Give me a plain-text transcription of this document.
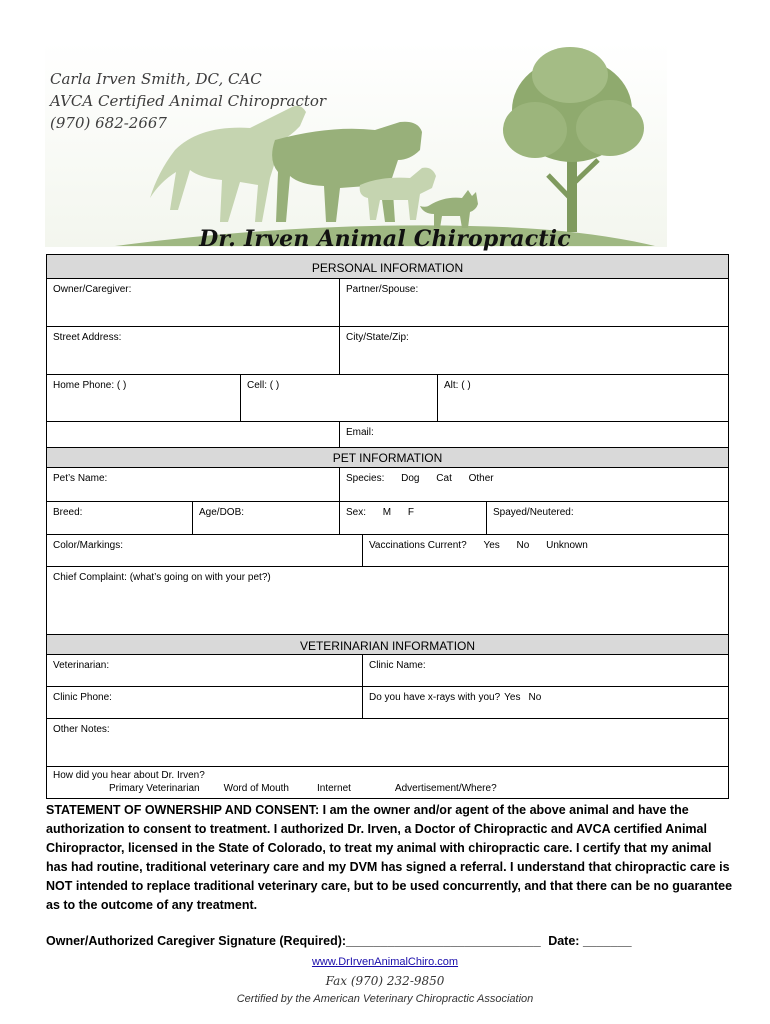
Carla Irven Smith, DC, CAC
AVCA Certified Animal Chiropractor
(970) 682-2667
Dr. Irven Animal Chiropractic
PERSONAL INFORMATION
Owner/Caregiver:	Partner/Spouse:
Street Address:	City/State/Zip:
Home Phone: ( )	Cell: ( )	Alt: ( )
Email:
PET INFORMATION
Pet’s Name:	Species: Dog Cat Other
Breed:	Age/DOB:	Sex: M F	Spayed/Neutered:
Color/Markings:	Vaccinations Current? Yes No Unknown
Chief Complaint: (what’s going on with your pet?)
VETERINARIAN INFORMATION
Veterinarian:	Clinic Name:
Clinic Phone:	Do you have x-rays with you? Yes No
Other Notes:
How did you hear about Dr. Irven?
Primary Veterinarian Word of Mouth	Internet	Advertisement/Where?
STATEMENT OF OWNERSHIP AND CONSENT: I am the owner and/or agent of the above animal and have the authorization to consent to treatment. I authorized Dr. Irven, a Doctor of Chiropractic and AVCA certified Animal Chiropractor, licensed in the State of Colorado, to treat my animal with chiropractic care. I certify that my animal has had routine, traditional veterinary care and my DVM has signed a referral. I understand that chiropractic care is NOT intended to replace traditional veterinary care, but to be used concurrently, and that there can be no guarantee as to the outcome of any treatment.
Owner/Authorized Caregiver Signature (Required):____________________________ Date: _______
www.DrIrvenAnimalChiro.com
Fax (970) 232-9850
Certified by the American Veterinary Chiropractic Association
